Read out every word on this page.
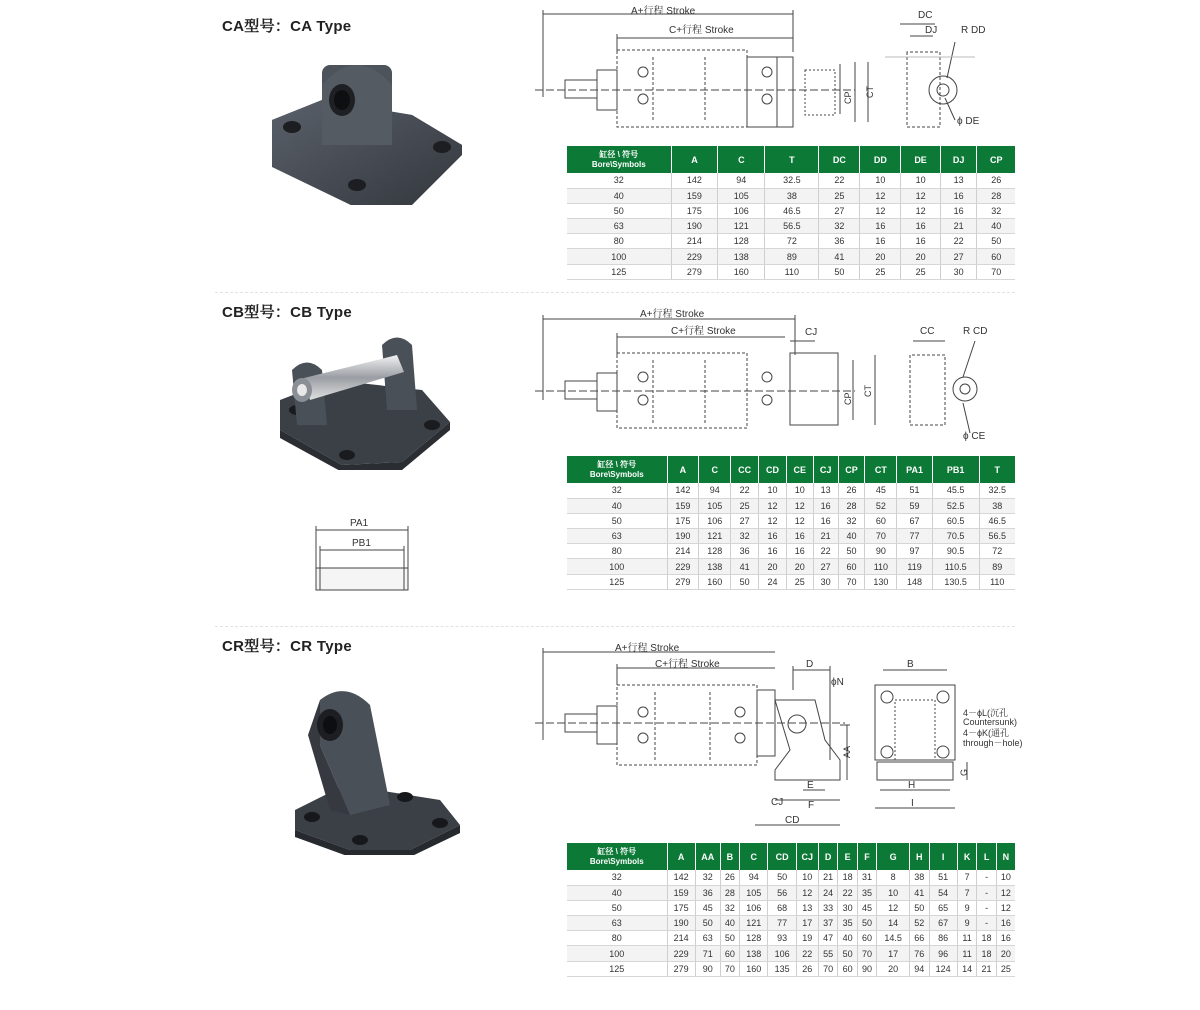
CA型号：CA Type
A+行程 Stroke
C+行程 Stroke
DC
DJ R DD
CP CT
ϕ DE
缸径 \ 符号
Bore\Symbols	A	C	T	DC	DD	DE	DJ	CP
32	142	94	32.5	22	10	10	13	26
40	159	105	38	25	12	12	16	28
50	175	106	46.5	27	12	12	16	32
63	190	121	56.5	32	16	16	21	40
80	214	128	72	36	16	16	22	50
100	229	138	89	41	20	20	27	60
125	279	160	110	50	25	25	30	70
CB型号：CB Type
PA1
PB1
A+行程 Stroke
C+行程 Stroke	CJ	CC	R CD
CP
CT
ϕ CE
缸径 \ 符号
Bore\Symbols	A	C	CC	CD	CE	CJ	CP	CT	PA1	PB1	T
32	142	94	22	10	10	13	26	45	51	45.5	32.5
40	159	105	25	12	12	16	28	52	59	52.5	38
50	175	106	27	12	12	16	32	60	67	60.5	46.5
63	190	121	32	16	16	21	40	70	77	70.5	56.5
80	214	128	36	16	16	22	50	90	97	90.5	72
100	229	138	41	20	20	27	60	110	119	110.5	89
125	279	160	50	24	25	30	70	130	148	130.5	110
CR型号：CR Type	A+行程 Stroke
C+行程 Stroke	D
ϕN
AA
E
F
CJ
CD
B
H
I
G
4－ϕL(沉孔
Countersunk)
4－ϕK(通孔
through－hole)
缸径 \ 符号
Bore\Symbols	A	AA	B	C	CD	CJ	D	E	F	G	H	I	K	L	N
32	142	32	26	94	50	10	21	18	31	8	38	51	7	-	10
40	159	36	28	105	56	12	24	22	35	10	41	54	7	-	12
50	175	45	32	106	68	13	33	30	45	12	50	65	9	-	12
63	190	50	40	121	77	17	37	35	50	14	52	67	9	-	16
80	214	63	50	128	93	19	47	40	60	14.5	66	86	11	18	16
100	229	71	60	138	106	22	55	50	70	17	76	96	11	18	20
125	279	90	70	160	135	26	70	60	90	20	94	124	14	21	25
